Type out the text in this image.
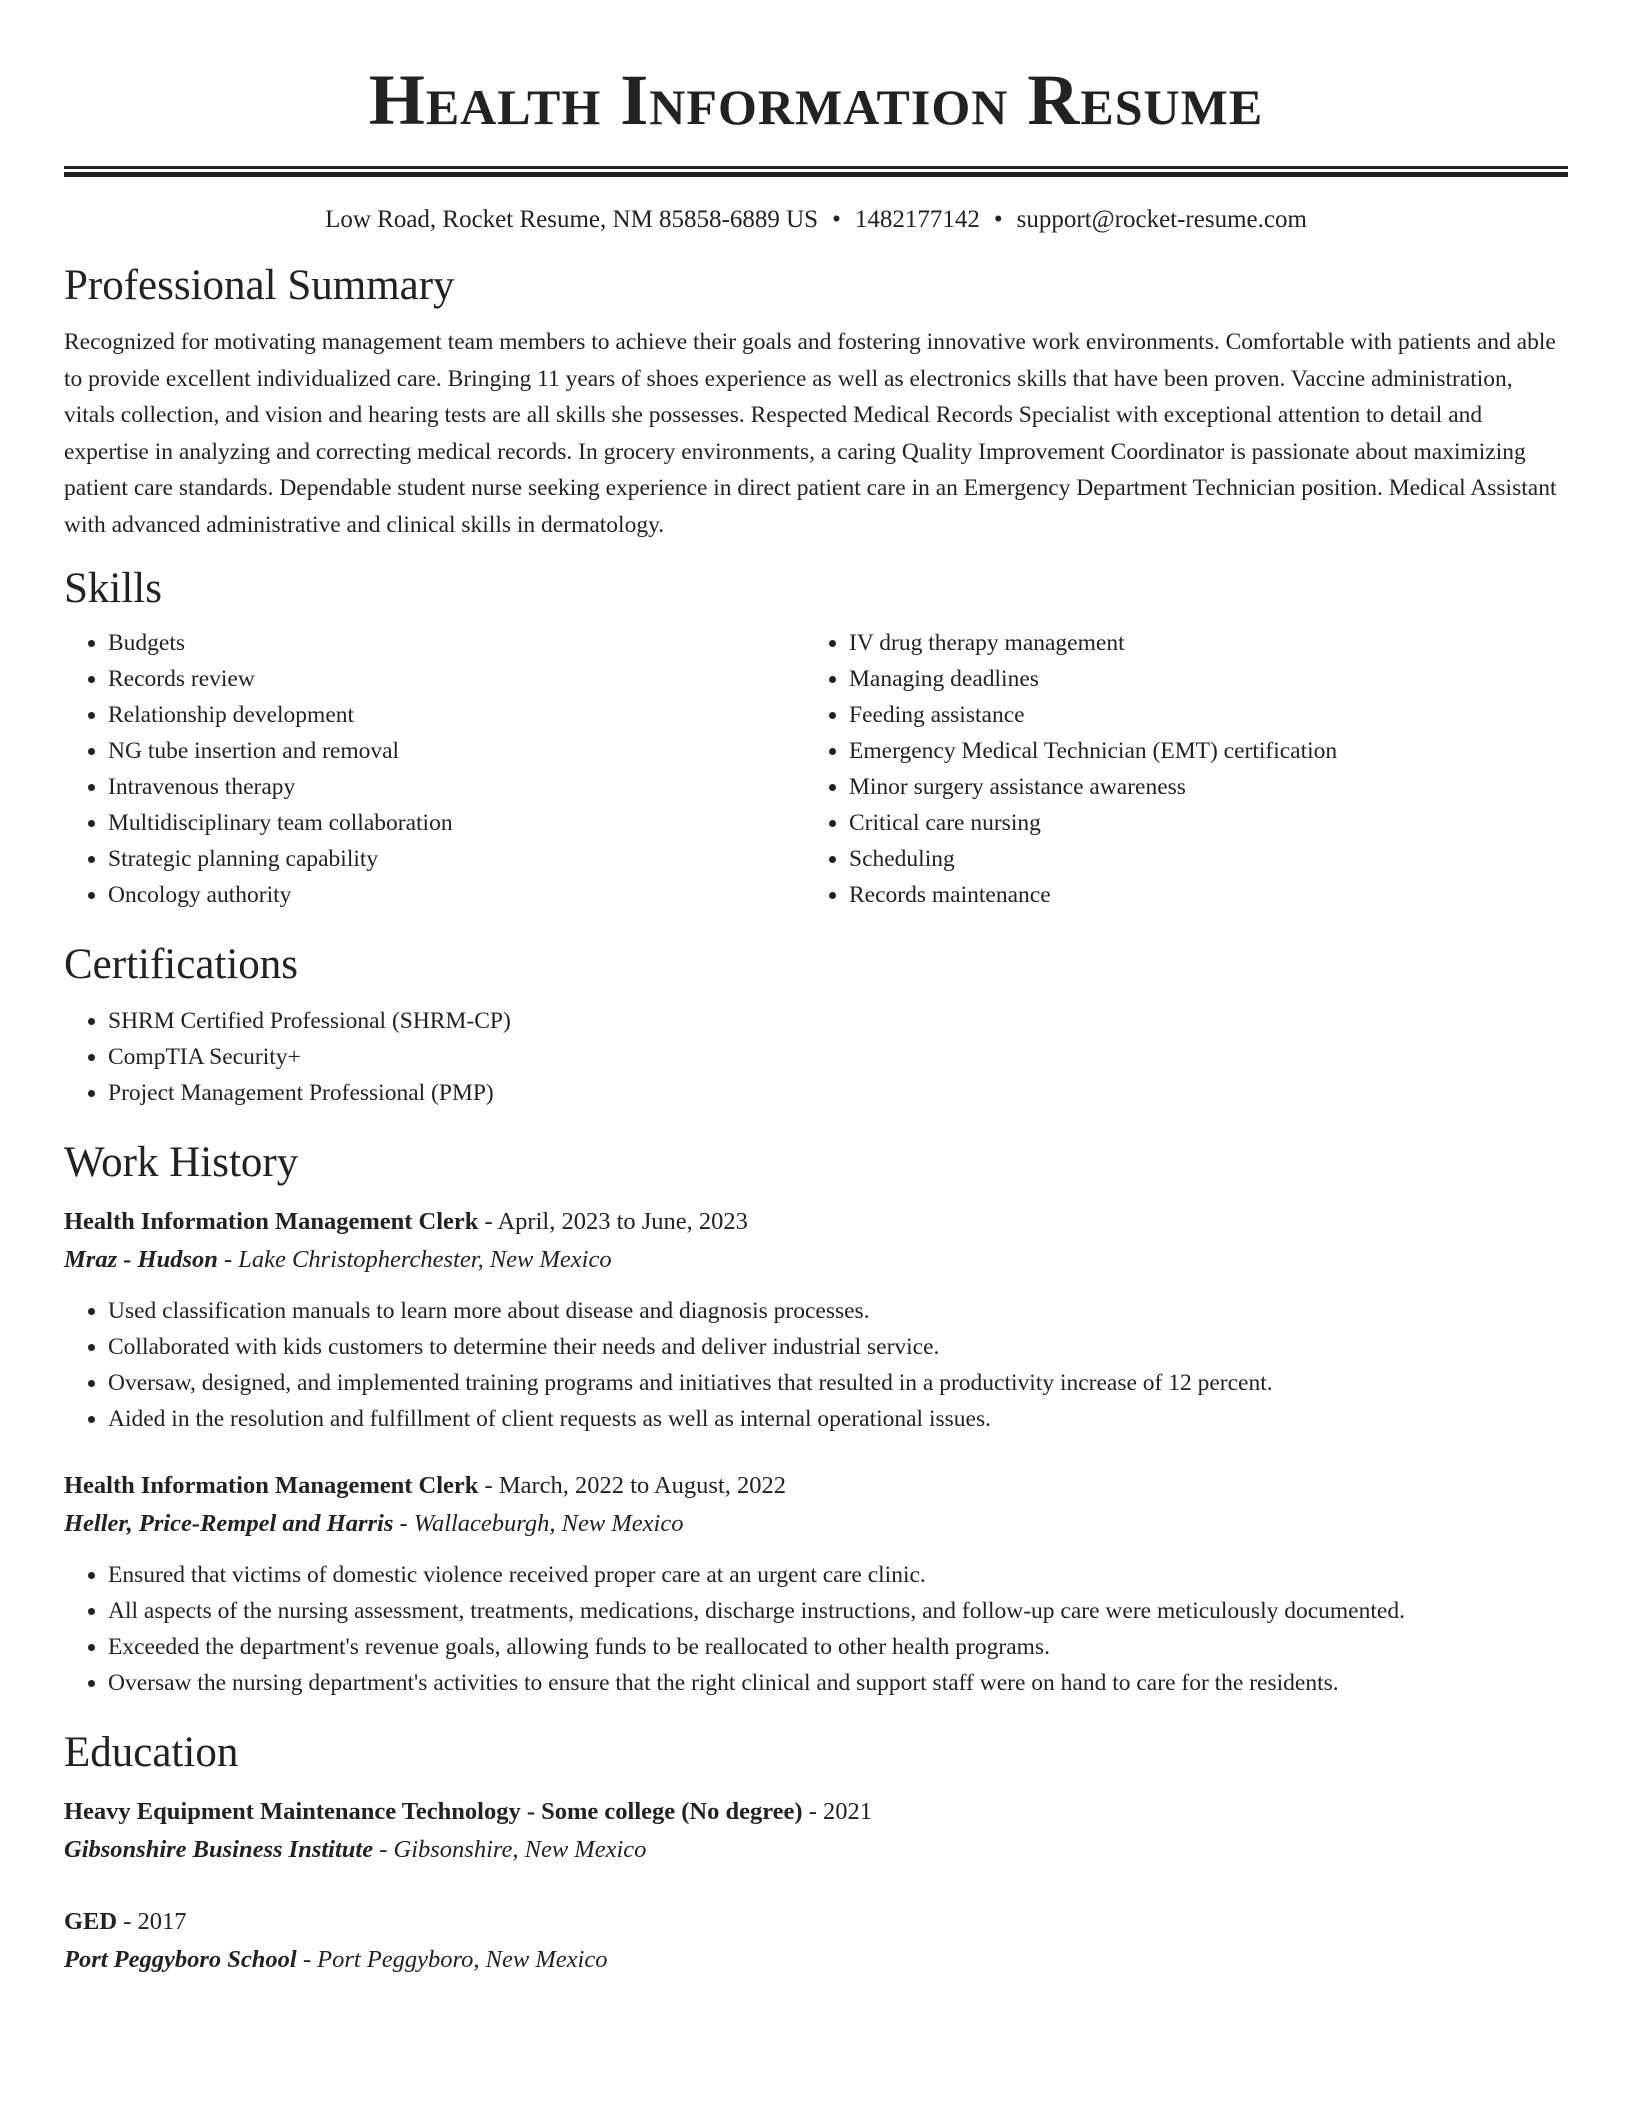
Health Information Resume
Low Road, Rocket Resume, NM 85858-6889 US • 1482177142 • support@rocket-resume.com
Professional Summary

Recognized for motivating management team members to achieve their goals and fostering innovative work environments. Comfortable with patients and able to provide excellent individualized care. Bringing 11 years of shoes experience as well as electronics skills that have been proven. Vaccine administration, vitals collection, and vision and hearing tests are all skills she possesses. Respected Medical Records Specialist with exceptional attention to detail and expertise in analyzing and correcting medical records. In grocery environments, a caring Quality Improvement Coordinator is passionate about maximizing patient care standards. Dependable student nurse seeking experience in direct patient care in an Emergency Department Technician position. Medical Assistant with advanced administrative and clinical skills in dermatology.

Skills
• Budgets
• Records review
• Relationship development
• NG tube insertion and removal
• Intravenous therapy
• Multidisciplinary team collaboration
• Strategic planning capability
• Oncology authority
• IV drug therapy management
• Managing deadlines
• Feeding assistance
• Emergency Medical Technician (EMT) certification
• Minor surgery assistance awareness
• Critical care nursing
• Scheduling
• Records maintenance
Certifications
• SHRM Certified Professional (SHRM-CP)
• CompTIA Security+
• Project Management Professional (PMP)
Work History
Health Information Management Clerk - April, 2023 to June, 2023
Mraz - Hudson - Lake Christopherchester, New Mexico
• Used classification manuals to learn more about disease and diagnosis processes.
• Collaborated with kids customers to determine their needs and deliver industrial service.
• Oversaw, designed, and implemented training programs and initiatives that resulted in a productivity increase of 12 percent.
• Aided in the resolution and fulfillment of client requests as well as internal operational issues.
Health Information Management Clerk - March, 2022 to August, 2022
Heller, Price-Rempel and Harris - Wallaceburgh, New Mexico
• Ensured that victims of domestic violence received proper care at an urgent care clinic.
• All aspects of the nursing assessment, treatments, medications, discharge instructions, and follow-up care were meticulously documented.
• Exceeded the department's revenue goals, allowing funds to be reallocated to other health programs.
• Oversaw the nursing department's activities to ensure that the right clinical and support staff were on hand to care for the residents.
Education
Heavy Equipment Maintenance Technology - Some college (No degree) - 2021
Gibsonshire Business Institute - Gibsonshire, New Mexico
GED - 2017
Port Peggyboro School - Port Peggyboro, New Mexico
